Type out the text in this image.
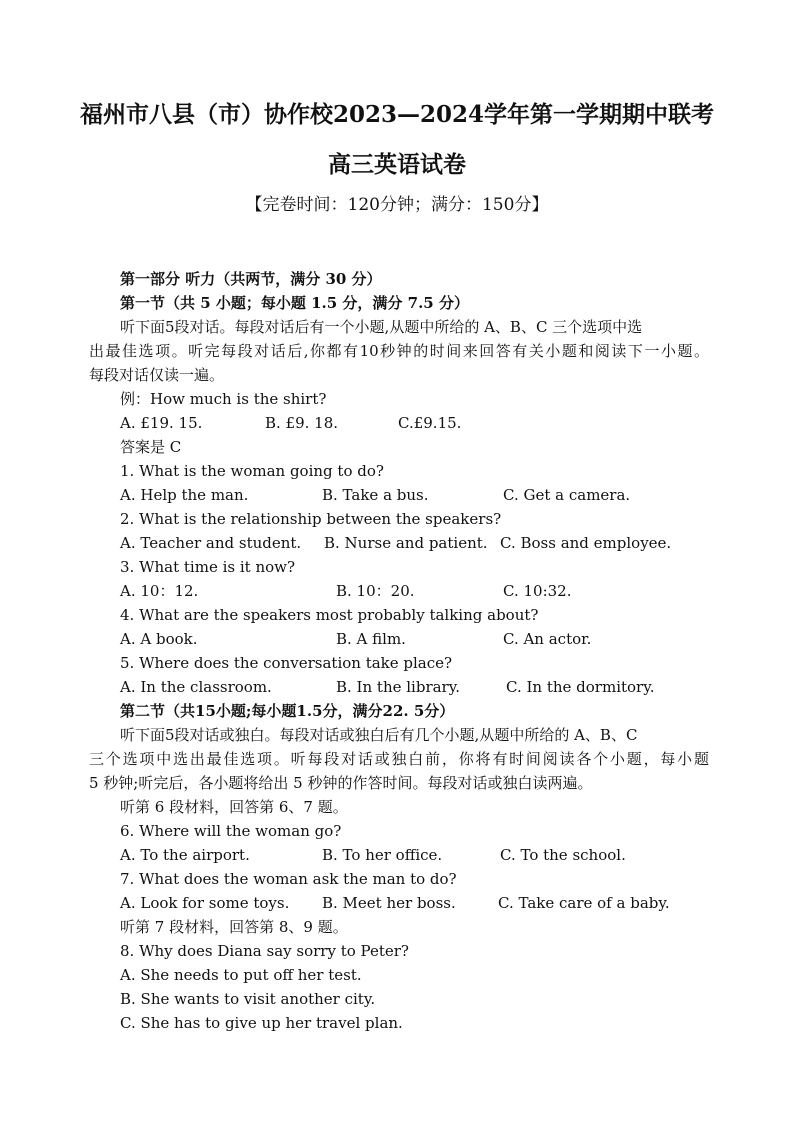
福州市八县（市）协作校2023—2024学年第一学期期中联考
高三英语试卷
【完卷时间：120分钟；满分：150分】
第一部分 听力（共两节，满分 30 分）
第一节（共 5 小题；每小题 1.5 分，满分 7.5 分）
听下面5段对话。每段对话后有一个小题,从题中所给的 A、B、C 三个选项中选
出最佳选项。听完每段对话后,你都有10秒钟的时间来回答有关小题和阅读下一小题。
每段对话仅读一遍。
例：How much is the shirt?
A. £19. 15.	B. £9. 18.	C.£9.15.
答案是 C
1. What is the woman going to do?
A. Help the man.	B. Take a bus.	C. Get a camera.
2. What is the relationship between the speakers?
A. Teacher and student. B. Nurse and patient. C. Boss and employee.
3. What time is it now?
A. 10：12.	B. 10：20.	C. 10:32.
4. What are the speakers most probably talking about?
A. A book.	B. A film.	C. An actor.
5. Where does the conversation take place?
A. In the classroom.	B. In the library.	C. In the dormitory.
第二节（共15小题;每小题1.5分，满分22. 5分）
听下面5段对话或独白。每段对话或独白后有几个小题,从题中所给的 A、B、C
三个选项中选出最佳选项。听每段对话或独白前，你将有时间阅读各个小题，每小题
5 秒钟;听完后，各小题将给出 5 秒钟的作答时间。每段对话或独白读两遍。
听第 6 段材料，回答第 6、7 题。
6. Where will the woman go?
A. To the airport.	B. To her office.	C. To the school.
7. What does the woman ask the man to do?
A. Look for some toys. B. Meet her boss.	C. Take care of a baby.
听第 7 段材料，回答第 8、9 题。
8. Why does Diana say sorry to Peter?
A. She needs to put off her test.
B. She wants to visit another city.
C. She has to give up her travel plan.
